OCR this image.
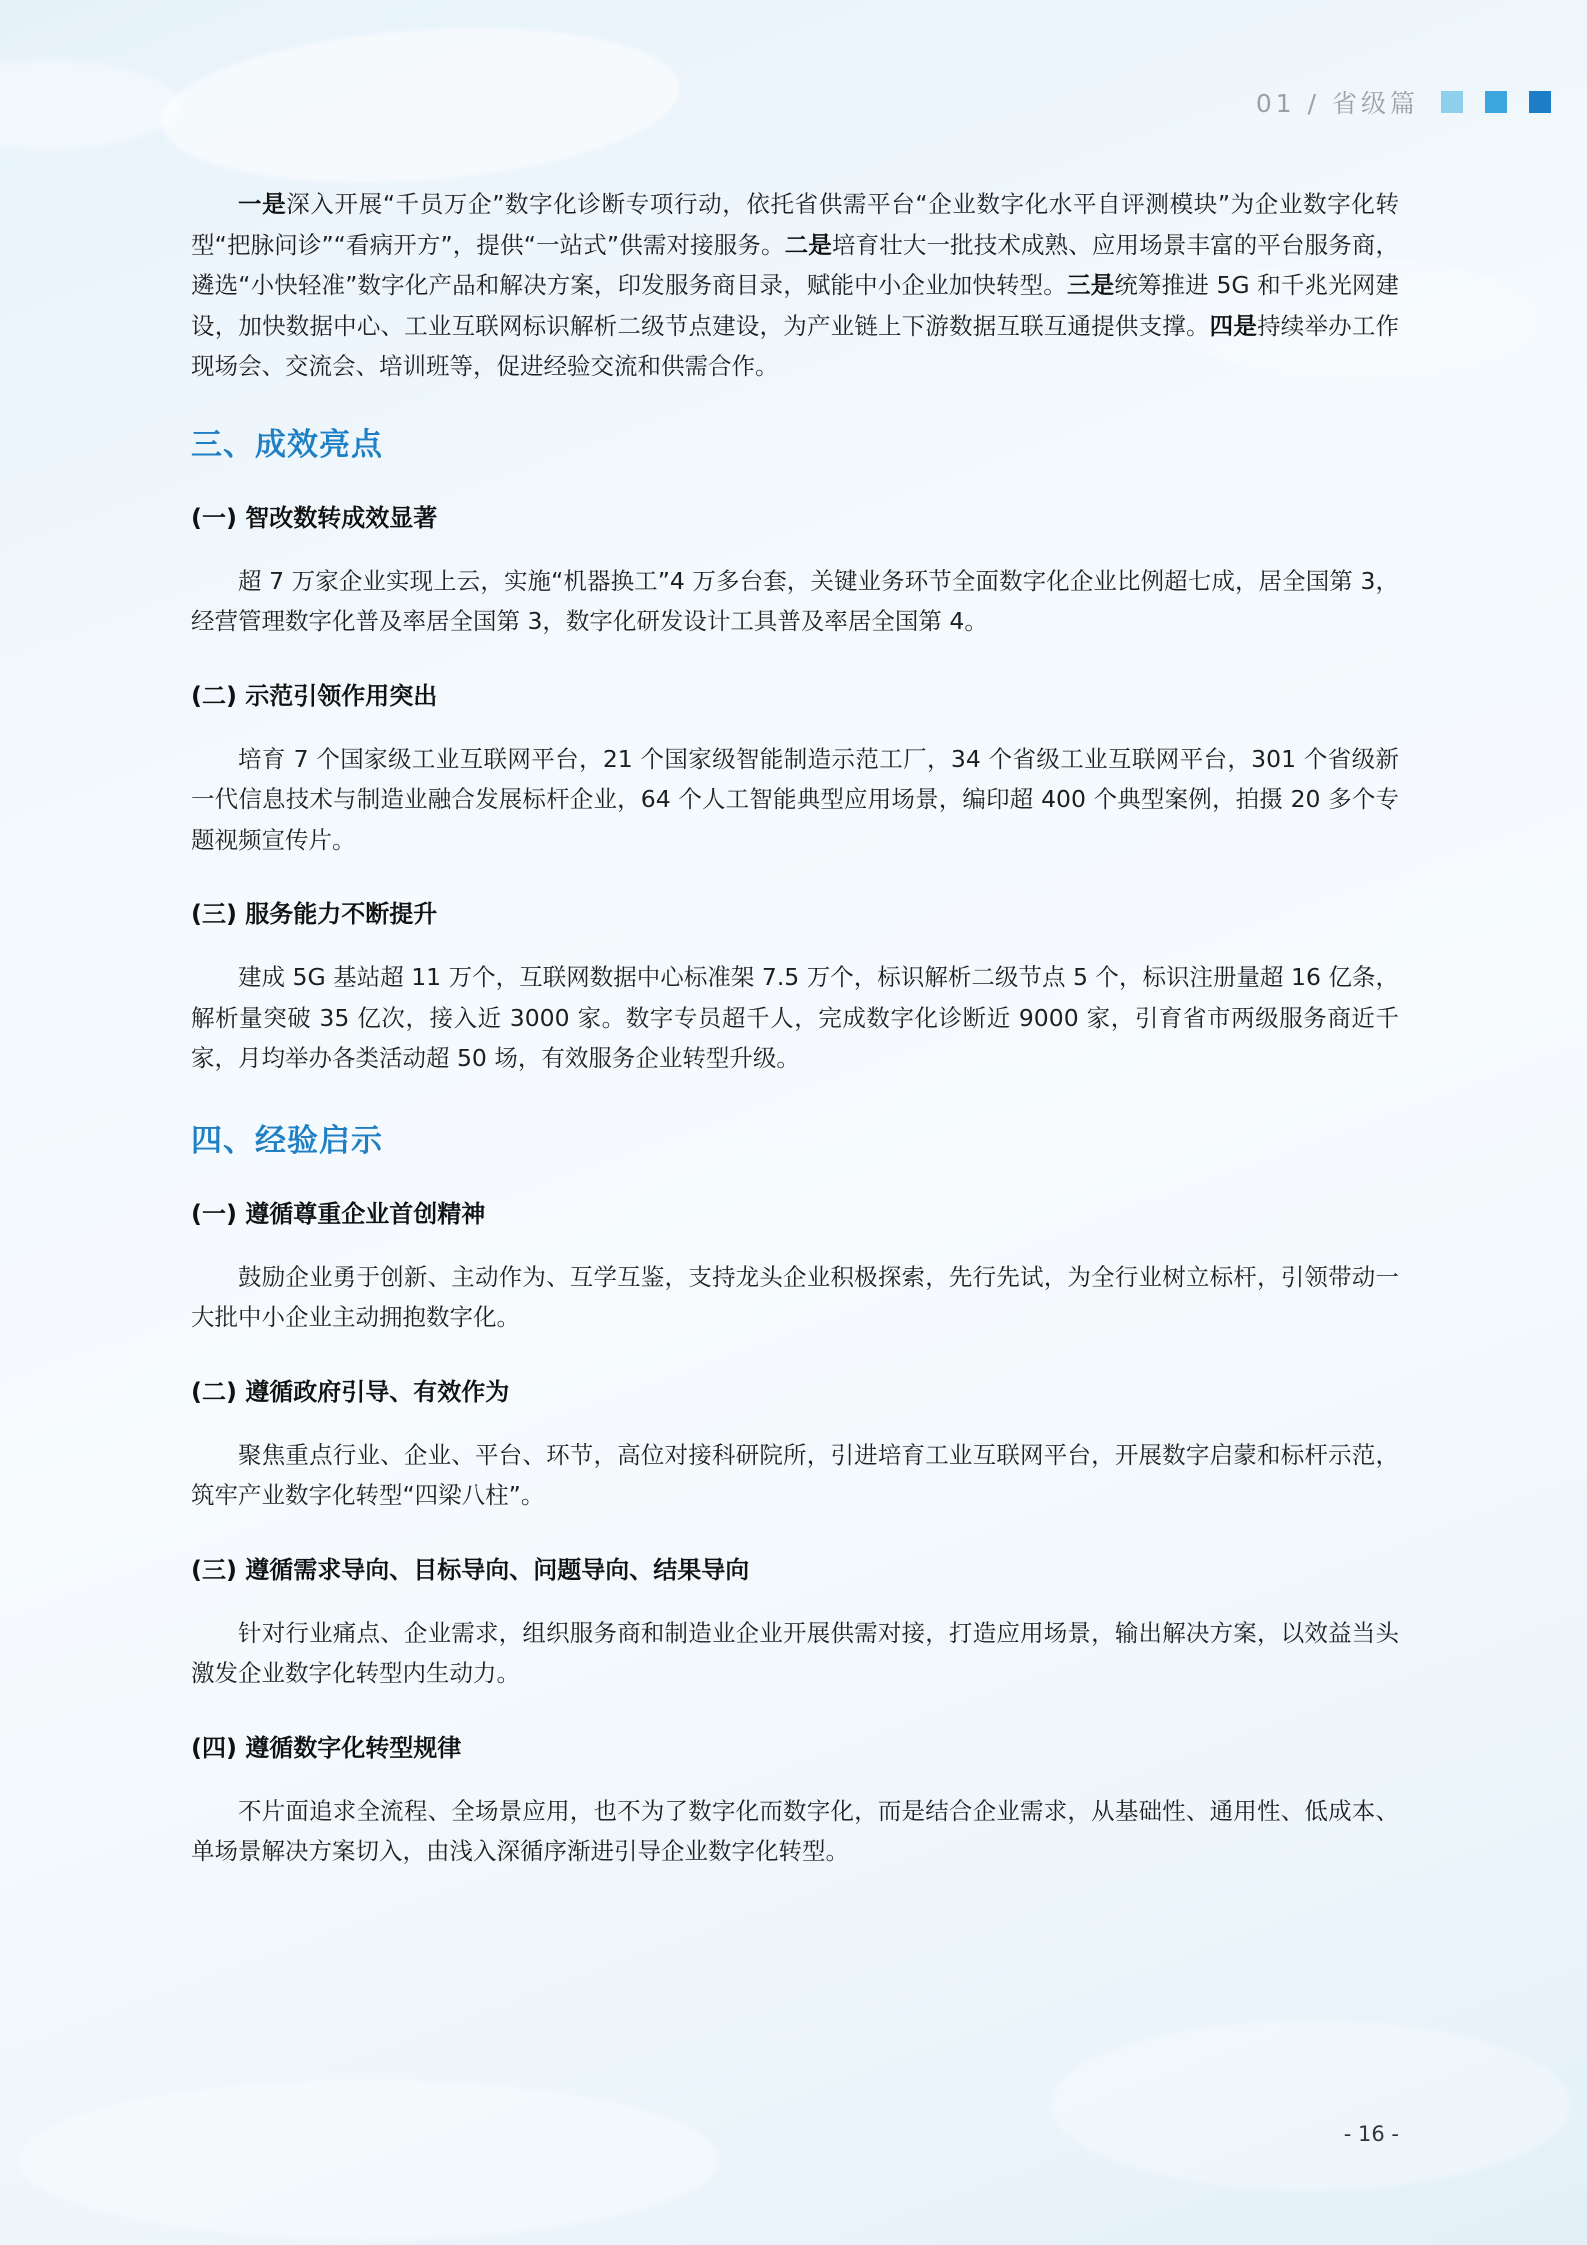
01 / 省级篇

一是深入开展“千员万企”数字化诊断专项行动，依托省供需平台“企业数字化水平自评测模块”为企业数字化转型“把脉问诊”“看病开方”，提供“一站式”供需对接服务。二是培育壮大一批技术成熟、应用场景丰富的平台服务商，遴选“小快轻准”数字化产品和解决方案，印发服务商目录，赋能中小企业加快转型。三是统筹推进 5G 和千兆光网建设，加快数据中心、工业互联网标识解析二级节点建设，为产业链上下游数据互联互通提供支撑。四是持续举办工作现场会、交流会、培训班等，促进经验交流和供需合作。

三、成效亮点
(一) 智改数转成效显著

超 7 万家企业实现上云，实施“机器换工”4 万多台套，关键业务环节全面数字化企业比例超七成，居全国第 3，经营管理数字化普及率居全国第 3，数字化研发设计工具普及率居全国第 4。

(二) 示范引领作用突出

培育 7 个国家级工业互联网平台，21 个国家级智能制造示范工厂，34 个省级工业互联网平台，301 个省级新一代信息技术与制造业融合发展标杆企业，64 个人工智能典型应用场景，编印超 400 个典型案例，拍摄 20 多个专题视频宣传片。

(三) 服务能力不断提升

建成 5G 基站超 11 万个，互联网数据中心标准架 7.5 万个，标识解析二级节点 5 个，标识注册量超 16 亿条，解析量突破 35 亿次，接入近 3000 家。数字专员超千人，完成数字化诊断近 9000 家，引育省市两级服务商近千家，月均举办各类活动超 50 场，有效服务企业转型升级。

四、经验启示
(一) 遵循尊重企业首创精神

鼓励企业勇于创新、主动作为、互学互鉴，支持龙头企业积极探索，先行先试，为全行业树立标杆，引领带动一大批中小企业主动拥抱数字化。

(二) 遵循政府引导、有效作为

聚焦重点行业、企业、平台、环节，高位对接科研院所，引进培育工业互联网平台，开展数字启蒙和标杆示范，筑牢产业数字化转型“四梁八柱”。

(三) 遵循需求导向、目标导向、问题导向、结果导向

针对行业痛点、企业需求，组织服务商和制造业企业开展供需对接，打造应用场景，输出解决方案，以效益当头激发企业数字化转型内生动力。

(四) 遵循数字化转型规律

不片面追求全流程、全场景应用，也不为了数字化而数字化，而是结合企业需求，从基础性、通用性、低成本、单场景解决方案切入，由浅入深循序渐进引导企业数字化转型。

- 16 -
